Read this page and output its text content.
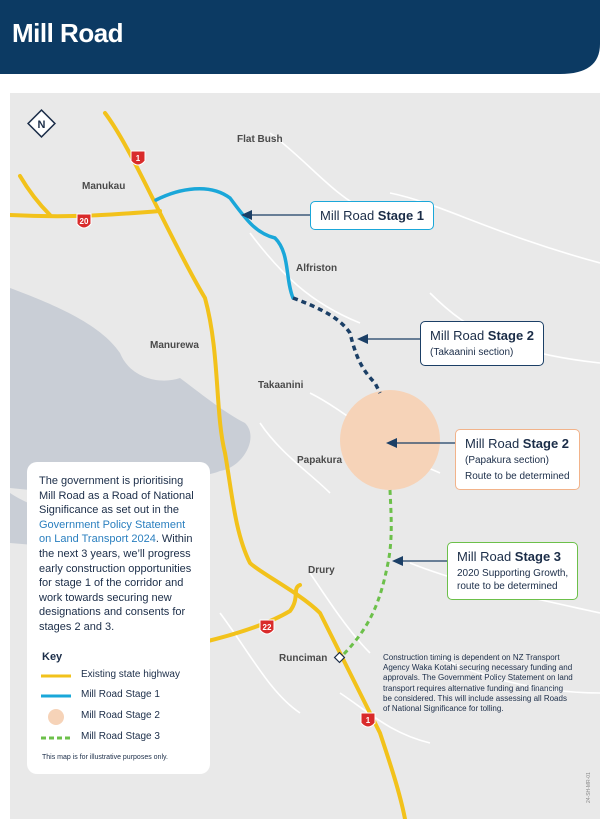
Mill Road
1
20
22
1
N
Flat Bush
Manukau
Alfriston
Manurewa
Takaanini
Papakura
Drury
Runciman
Mill Road Stage 1
Mill Road Stage 2
(Takaanini section)
Mill Road Stage 2
(Papakura section)
Route to be determined
Mill Road Stage 3
2020 Supporting Growth,
route to be determined
Construction timing is dependent on NZ Transport Agency Waka Kotahi securing necessary funding and approvals. The Government Policy Statement on land transport requires alternative funding and financing be considered. This will include assessing all Roads of National Significance for tolling.
24-SH-MR-01

The government is prioritising Mill Road as a Road of National Significance as set out in the Government Policy Statement on Land Transport 2024. Within the next 3 years, we’ll progress early construction opportunities for stage 1 of the corridor and work towards securing new designations and consents for stages 2 and 3.

Key
Existing state highway
Mill Road Stage 1
Mill Road Stage 2
Mill Road Stage 3
This map is for illustrative purposes only.
